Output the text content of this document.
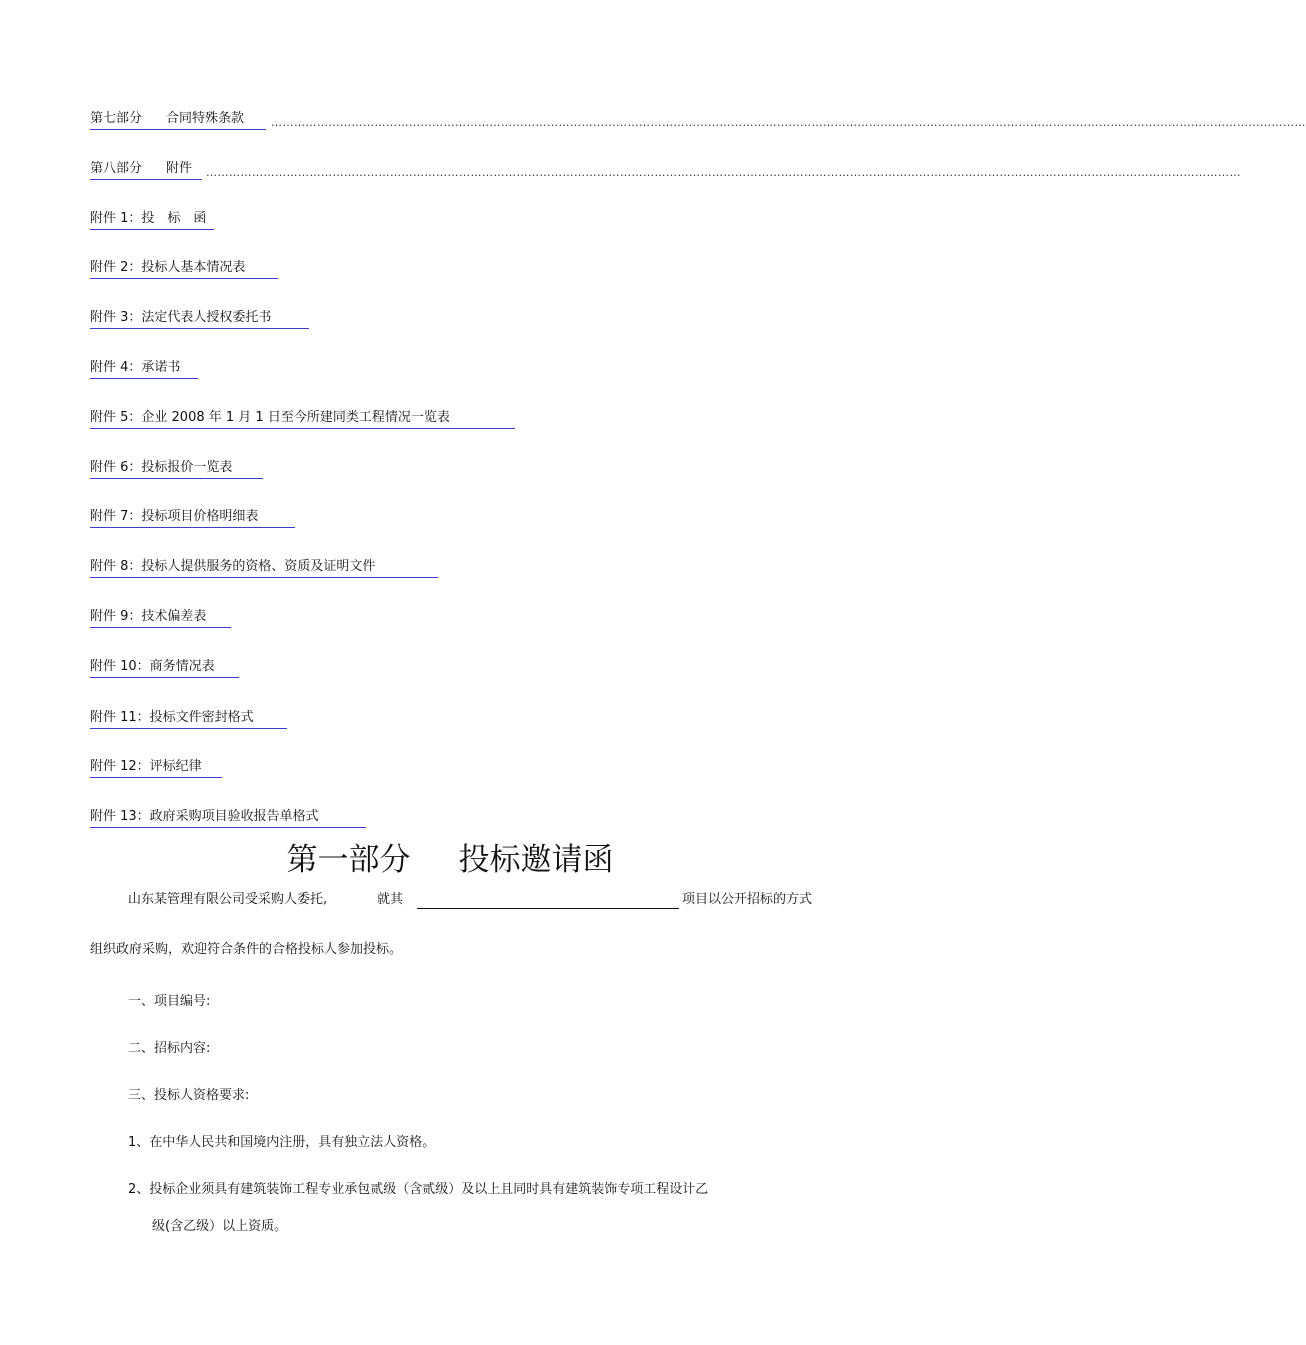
第七部分 合同特殊条款	………………………………………………………………………………………………………………………………………………………………………………………………………………………………………………
第八部分 附件	………………………………………………………………………………………………………………………………………………………………………………………………………………………………………………
附件 1：投　标　函
附件 2：投标人基本情况表
附件 3：法定代表人授权委托书
附件 4：承诺书
附件 5：企业 2008 年 1 月 1 日至今所建同类工程情况一览表
附件 6：投标报价一览表
附件 7：投标项目价格明细表
附件 8：投标人提供服务的资格、资质及证明文件
附件 9：技术偏差表
附件 10：商务情况表
附件 11：投标文件密封格式
附件 12：评标纪律
附件 13：政府采购项目验收报告单格式
第一部分 投标邀请函
山东某管理有限公司受采购人委托,	就其	项目以公开招标的方式
组织政府采购，欢迎符合条件的合格投标人参加投标。
一、项目编号:
二、招标内容:
三、投标人资格要求:
1、在中华人民共和国境内注册，具有独立法人资格。
2、投标企业须具有建筑装饰工程专业承包贰级（含贰级）及以上且同时具有建筑装饰专项工程设计乙
级(含乙级）以上资质。
